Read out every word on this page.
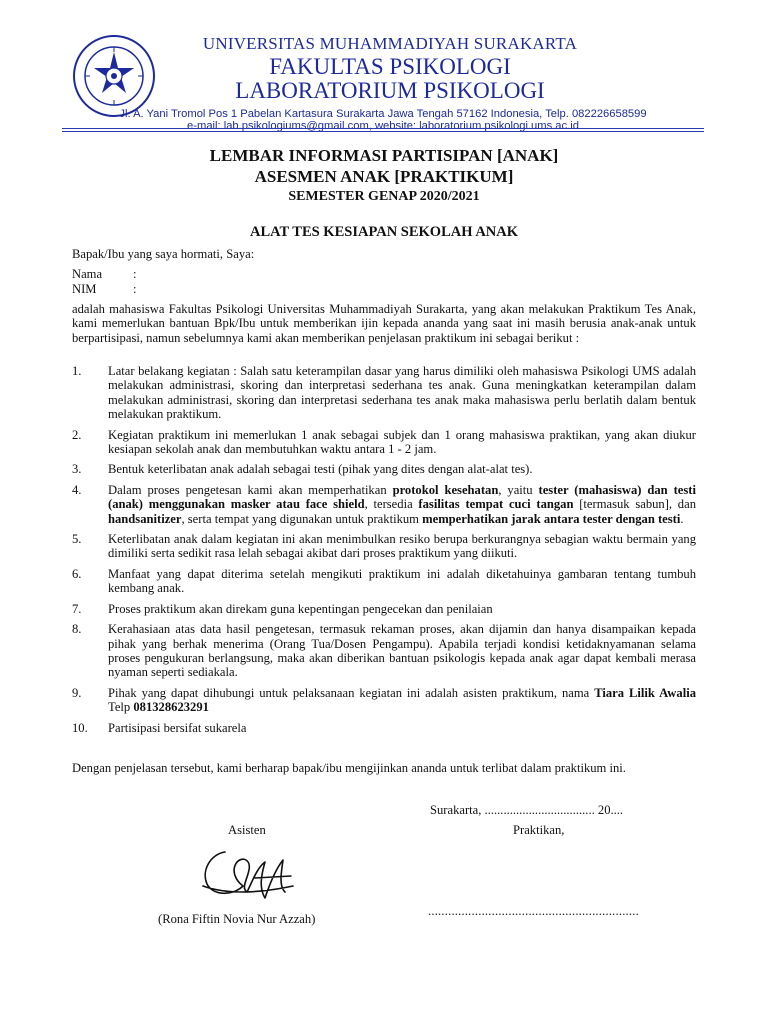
UNIVERSITAS MUHAMMADIYAH SURAKARTA
FAKULTAS PSIKOLOGI
LABORATORIUM PSIKOLOGI
Jl. A. Yani Tromol Pos 1 Pabelan Kartasura Surakarta Jawa Tengah 57162 Indonesia, Telp. 082226658599
e-mail: lab.psikologiums@gmail.com, website: laboratorium.psikologi.ums.ac.id
LEMBAR INFORMASI PARTISIPAN [ANAK]
ASESMEN ANAK [PRAKTIKUM]
SEMESTER GENAP 2020/2021
ALAT TES KESIAPAN SEKOLAH ANAK
Bapak/Ibu yang saya hormati, Saya:
Nama :
NIM	:
adalah mahasiswa Fakultas Psikologi Universitas Muhammadiyah Surakarta, yang akan melakukan Praktikum Tes Anak, kami memerlukan bantuan Bpk/Ibu untuk memberikan ijin kepada ananda yang saat ini masih berusia anak-anak untuk berpartisipasi, namun sebelumnya kami akan memberikan penjelasan praktikum ini sebagai berikut :
1.	Latar belakang kegiatan : Salah satu keterampilan dasar yang harus dimiliki oleh mahasiswa Psikologi UMS adalah melakukan administrasi, skoring dan interpretasi sederhana tes anak. Guna meningkatkan keterampilan dalam melakukan administrasi, skoring dan interpretasi sederhana tes anak maka mahasiswa perlu berlatih dalam bentuk melakukan praktikum.
2.	Kegiatan praktikum ini memerlukan 1 anak sebagai subjek dan 1 orang mahasiswa praktikan, yang akan diukur kesiapan sekolah anak dan membutuhkan waktu antara 1 - 2 jam.
3.	Bentuk keterlibatan anak adalah sebagai testi (pihak yang dites dengan alat-alat tes).
4.	Dalam proses pengetesan kami akan memperhatikan protokol kesehatan, yaitu tester (mahasiswa) dan testi (anak) menggunakan masker atau face shield, tersedia fasilitas tempat cuci tangan [termasuk sabun], dan handsanitizer, serta tempat yang digunakan untuk praktikum memperhatikan jarak antara tester dengan testi.
5.	Keterlibatan anak dalam kegiatan ini akan menimbulkan resiko berupa berkurangnya sebagian waktu bermain yang dimiliki serta sedikit rasa lelah sebagai akibat dari proses praktikum yang diikuti.
6.	Manfaat yang dapat diterima setelah mengikuti praktikum ini adalah diketahuinya gambaran tentang tumbuh kembang anak.
7.	Proses praktikum akan direkam guna kepentingan pengecekan dan penilaian
8.	Kerahasiaan atas data hasil pengetesan, termasuk rekaman proses, akan dijamin dan hanya disampaikan kepada pihak yang berhak menerima (Orang Tua/Dosen Pengampu). Apabila terjadi kondisi ketidaknyamanan selama proses pengukuran berlangsung, maka akan diberikan bantuan psikologis kepada anak agar dapat kembali merasa nyaman seperti sediakala.
9.	Pihak yang dapat dihubungi untuk pelaksanaan kegiatan ini adalah asisten praktikum, nama Tiara Lilik Awalia Telp 081328623291
10.	Partisipasi bersifat sukarela
Dengan penjelasan tersebut, kami berharap bapak/ibu mengijinkan ananda untuk terlibat dalam praktikum ini.
Surakarta, ................................... 20....
Asisten	Praktikan,
(Rona Fiftin Novia Nur Azzah)
...............................................................
